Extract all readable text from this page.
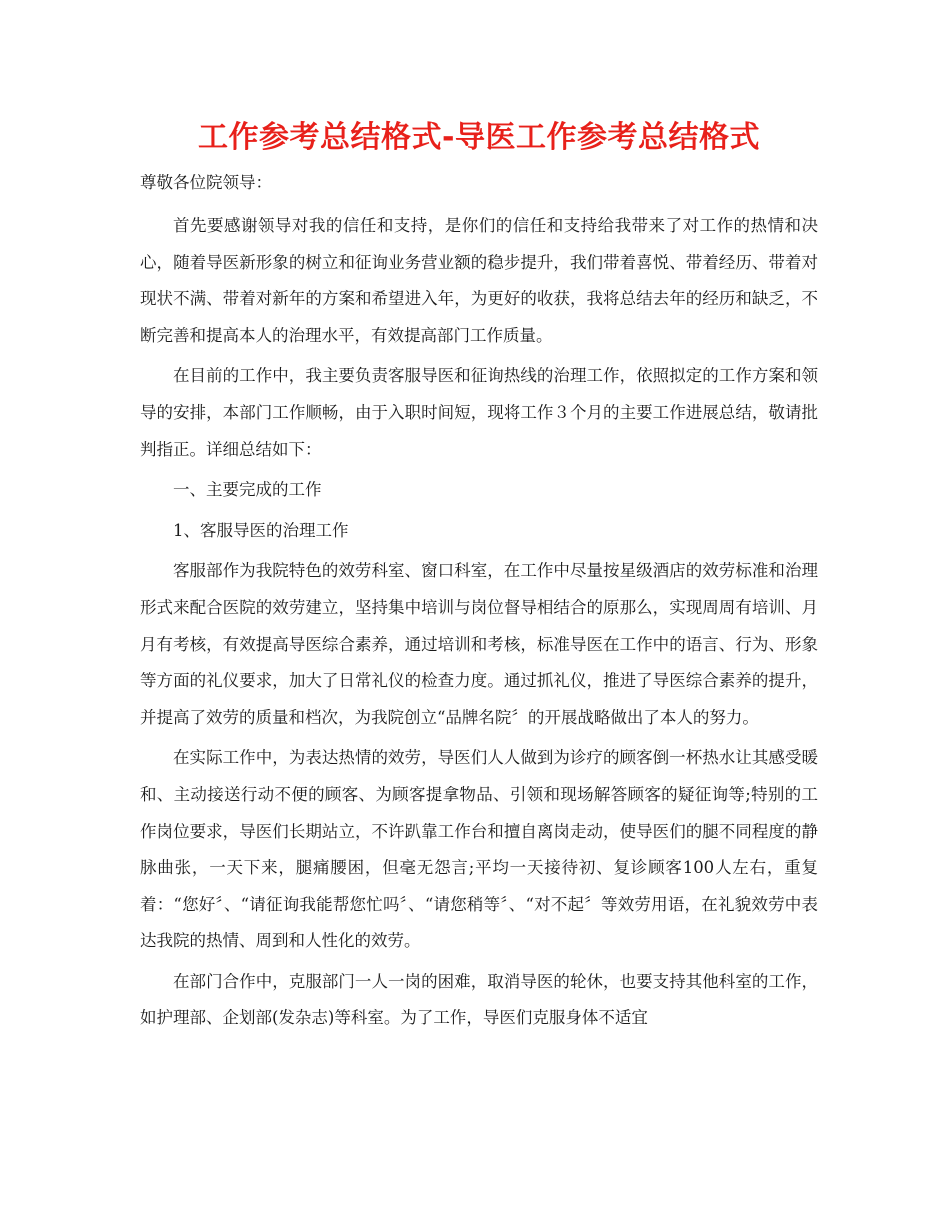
工作参考总结格式-导医工作参考总结格式

尊敬各位院领导：

首先要感谢领导对我的信任和支持，是你们的信任和支持给我带来了对工作的热情和决心，随着导医新形象的树立和征询业务营业额的稳步提升，我们带着喜悦、带着经历、带着对现状不满、带着对新年的方案和希望进入年，为更好的收获，我将总结去年的经历和缺乏，不断完善和提高本人的治理水平，有效提高部门工作质量。

在目前的工作中，我主要负责客服导医和征询热线的治理工作，依照拟定的工作方案和领导的安排，本部门工作顺畅，由于入职时间短，现将工作３个月的主要工作进展总结，敬请批判指正。详细总结如下：

一、主要完成的工作

1、客服导医的治理工作

客服部作为我院特色的效劳科室、窗口科室，在工作中尽量按星级酒店的效劳标准和治理形式来配合医院的效劳建立，坚持集中培训与岗位督导相结合的原那么，实现周周有培训、月月有考核，有效提高导医综合素养，通过培训和考核，标准导医在工作中的语言、行为、形象等方面的礼仪要求，加大了日常礼仪的检查力度。通过抓礼仪，推进了导医综合素养的提升，并提高了效劳的质量和档次，为我院创立“品牌名院〞的开展战略做出了本人的努力。

在实际工作中，为表达热情的效劳，导医们人人做到为诊疗的顾客倒一杯热水让其感受暖和、主动接送行动不便的顾客、为顾客提拿物品、引领和现场解答顾客的疑征询等;特别的工作岗位要求，导医们长期站立，不许趴靠工作台和擅自离岗走动，使导医们的腿不同程度的静脉曲张，一天下来，腿痛腰困，但毫无怨言;平均一天接待初、复诊顾客100人左右，重复着：“您好〞、“请征询我能帮您忙吗〞、“请您稍等〞、“对不起〞等效劳用语，在礼貌效劳中表达我院的热情、周到和人性化的效劳。

在部门合作中，克服部门一人一岗的困难，取消导医的轮休，也要支持其他科室的工作，如护理部、企划部(发杂志)等科室。为了工作，导医们克服身体不适宜
